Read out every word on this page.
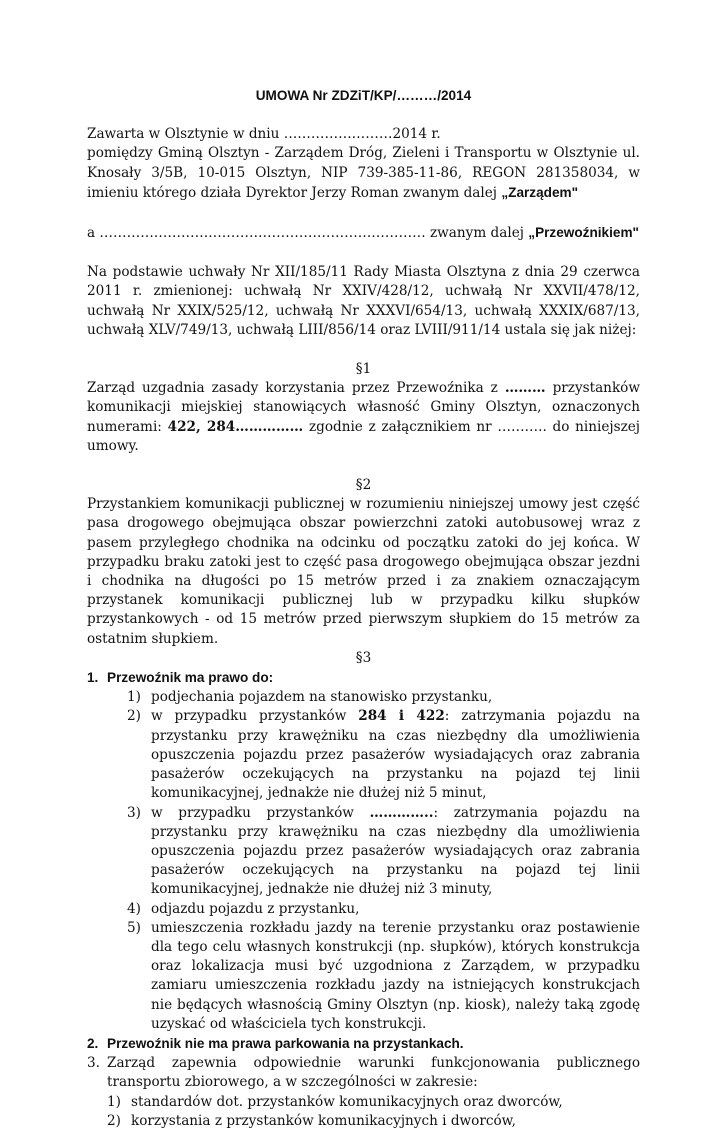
UMOWA Nr ZDZiT/KP/………/2014

Zawarta w Olsztynie w dniu ……………………2014 r.

pomiędzy Gminą Olsztyn - Zarządem Dróg, Zieleni i Transportu w Olsztynie ul. Knosały 3/5B, 10-015 Olsztyn, NIP 739-385-11-86, REGON 281358034, w imieniu którego działa Dyrektor Jerzy Roman zwanym dalej „Zarządem"

a ……………………………………………………………… zwanym dalej „Przewoźnikiem"

Na podstawie uchwały Nr XII/185/11 Rady Miasta Olsztyna z dnia 29 czerwca 2011 r. zmienionej: uchwałą Nr XXIV/428/12, uchwałą Nr XXVII/478/12, uchwałą Nr XXIX/525/12, uchwałą Nr XXXVI/654/13, uchwałą XXXIX/687/13, uchwałą XLV/749/13, uchwałą LIII/856/14 oraz LVIII/911/14 ustala się jak niżej:

§1

Zarząd uzgadnia zasady korzystania przez Przewoźnika z ……… przystanków komunikacji miejskiej stanowiących własność Gminy Olsztyn, oznaczonych numerami: 422, 284…………… zgodnie z załącznikiem nr ……….. do niniejszej umowy.

§2

Przystankiem komunikacji publicznej w rozumieniu niniejszej umowy jest część pasa drogowego obejmująca obszar powierzchni zatoki autobusowej wraz z pasem przyległego chodnika na odcinku od początku zatoki do jej końca. W przypadku braku zatoki jest to część pasa drogowego obejmująca obszar jezdni i chodnika na długości po 15 metrów przed i za znakiem oznaczającym przystanek komunikacji publicznej lub w przypadku kilku słupków przystankowych - od 15 metrów przed pierwszym słupkiem do 15 metrów za ostatnim słupkiem.

§3

1. Przewoźnik ma prawo do:
1) podjechania pojazdem na stanowisko przystanku,
2) w przypadku przystanków 284 i 422: zatrzymania pojazdu na przystanku przy krawężniku na czas niezbędny dla umożliwienia opuszczenia pojazdu przez pasażerów wysiadających oraz zabrania pasażerów oczekujących na przystanku na pojazd tej linii komunikacyjnej, jednakże nie dłużej niż 5 minut,
3) w przypadku przystanków …………..: zatrzymania pojazdu na przystanku przy krawężniku na czas niezbędny dla umożliwienia opuszczenia pojazdu przez pasażerów wysiadających oraz zabrania pasażerów oczekujących na przystanku na pojazd tej linii komunikacyjnej, jednakże nie dłużej niż 3 minuty,
4) odjazdu pojazdu z przystanku,
5) umieszczenia rozkładu jazdy na terenie przystanku oraz postawienie dla tego celu własnych konstrukcji (np. słupków), których konstrukcja oraz lokalizacja musi być uzgodniona z Zarządem, w przypadku zamiaru umieszczenia rozkładu jazdy na istniejących konstrukcjach nie będących własnością Gminy Olsztyn (np. kiosk), należy taką zgodę uzyskać od właściciela tych konstrukcji.
2. Przewoźnik nie ma prawa parkowania na przystankach.
3. Zarząd zapewnia odpowiednie warunki funkcjonowania publicznego transportu zbiorowego, a w szczególności w zakresie:
1) standardów dot. przystanków komunikacyjnych oraz dworców,
2) korzystania z przystanków komunikacyjnych i dworców,
